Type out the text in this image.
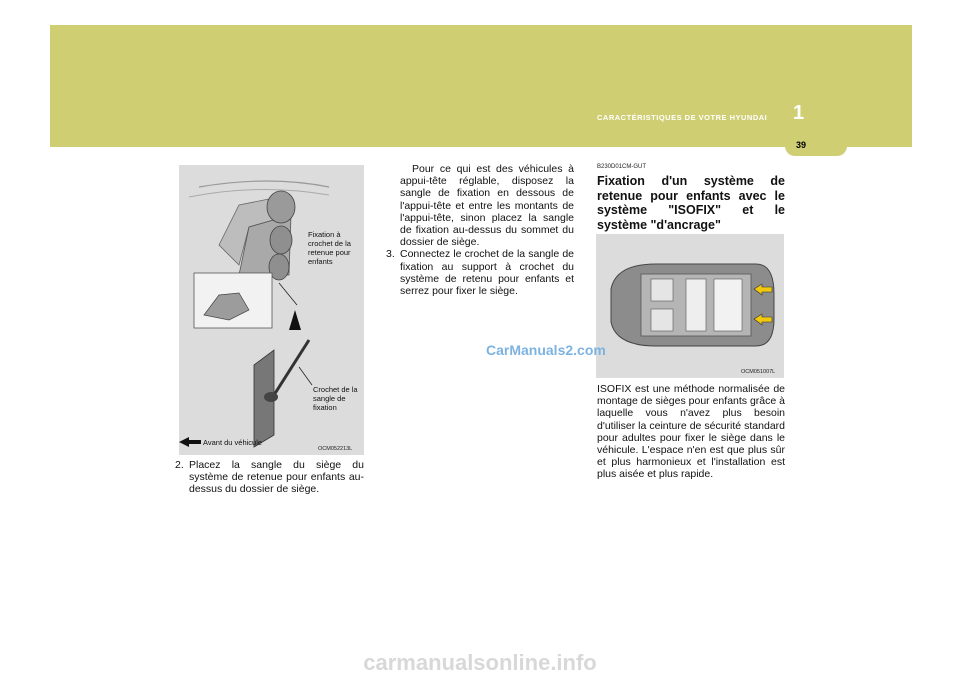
CARACTÉRISTIQUES DE VOTRE HYUNDAI 1
39
Fixation à crochet de la retenue pour enfants
Crochet de la sangle de fixation
Avant du véhicule
OCM052213L
2. Placez la sangle du siège du système de retenue pour enfants au-dessus du dossier de siège.
Pour ce qui est des véhicules à appui-tête réglable, disposez la sangle de fixation en dessous de l'appui-tête et entre les montants de l'appui-tête, sinon placez la sangle de fixation au-dessus du sommet du dossier de siège.
3. Connectez le crochet de la sangle de fixation au support à crochet du système de retenu pour enfants et serrez pour fixer le siège.
B230D01CM-GUT
Fixation d'un système de retenue pour enfants avec le système "ISOFIX" et le système "d'ancrage"
OCM051007L
ISOFIX est une méthode normalisée de montage de sièges pour enfants grâce à laquelle vous n'avez plus besoin d'utiliser la ceinture de sécurité standard pour adultes pour fixer le siège dans le véhicule. L'espace n'en est que plus sûr et plus harmonieux et l'installation est plus aisée et plus rapide.
CarManuals2.com
carmanualsonline.info
